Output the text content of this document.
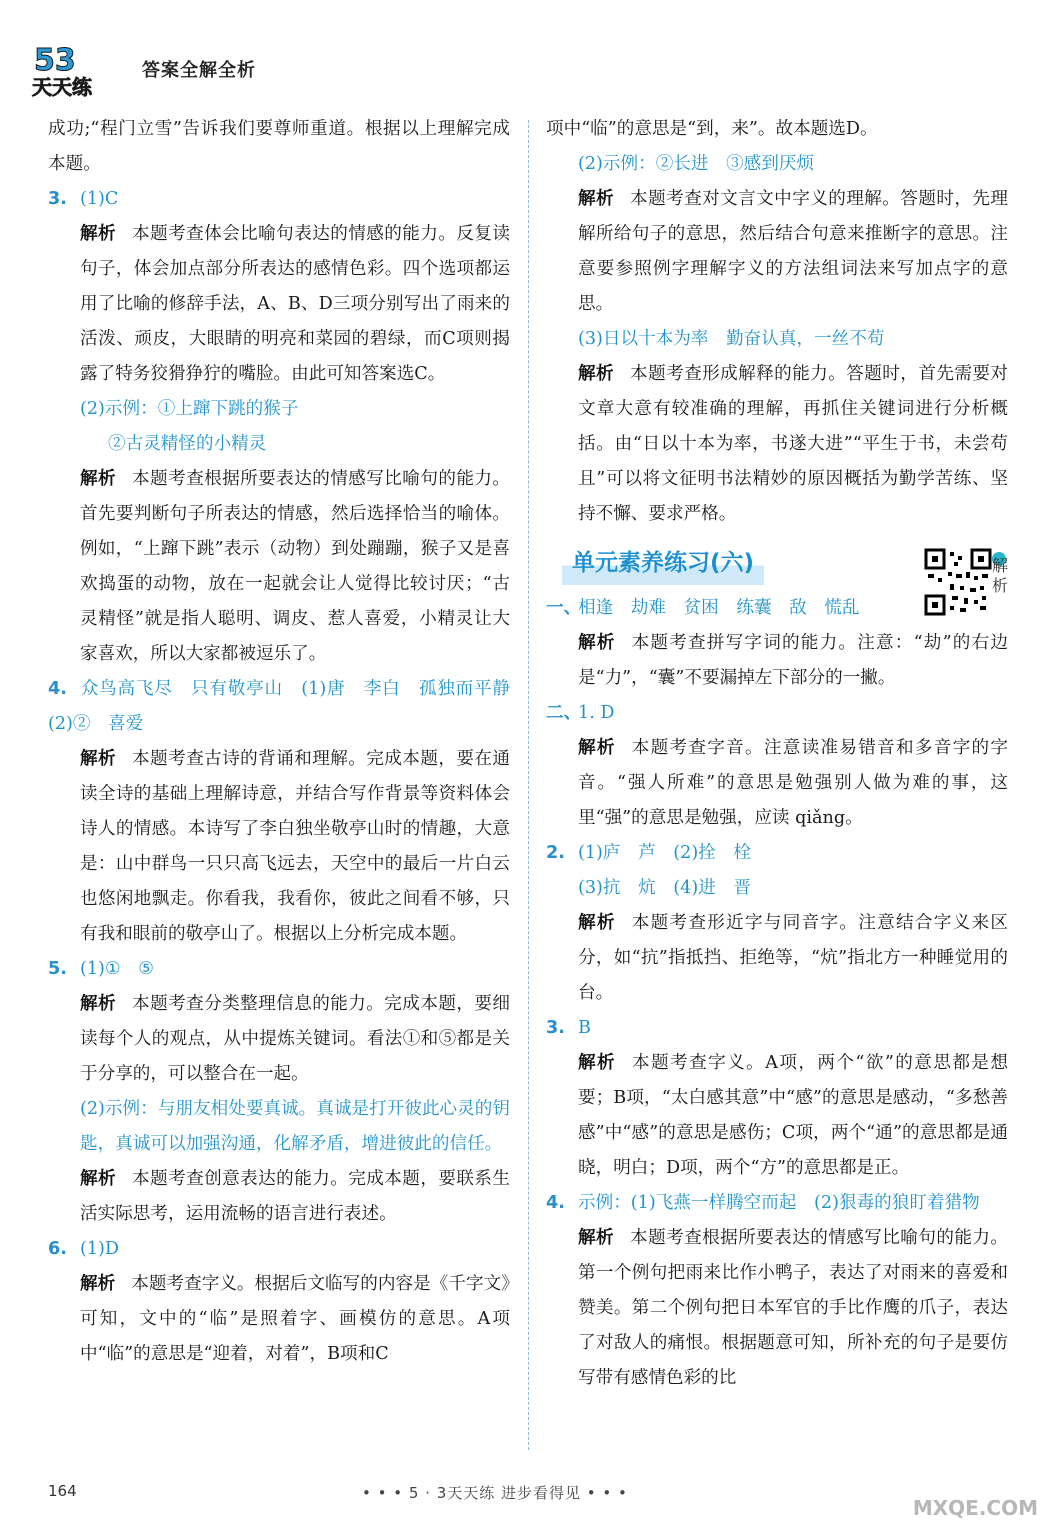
53
天天练
答案全解全析

成功;“程门立雪”告诉我们要尊师重道。根据以上理解完成本题。

3. (1)C

解析 本题考查体会比喻句表达的情感的能力。反复读句子，体会加点部分所表达的感情色彩。四个选项都运用了比喻的修辞手法，A、B、D三项分别写出了雨来的活泼、顽皮，大眼睛的明亮和菜园的碧绿，而C项则揭露了特务狡猾狰狞的嘴脸。由此可知答案选C。

(2)示例：①上蹿下跳的猴子

②古灵精怪的小精灵

解析 本题考查根据所要表达的情感写比喻句的能力。首先要判断句子所表达的情感，然后选择恰当的喻体。例如，“上蹿下跳”表示（动物）到处蹦蹦，猴子又是喜欢捣蛋的动物，放在一起就会让人觉得比较讨厌；“古灵精怪”就是指人聪明、调皮、惹人喜爱，小精灵让大家喜欢，所以大家都被逗乐了。

4. 众鸟高飞尽　只有敬亭山　(1)唐　李白　孤独而平静　(2)②　喜爱

解析 本题考查古诗的背诵和理解。完成本题，要在通读全诗的基础上理解诗意，并结合写作背景等资料体会诗人的情感。本诗写了李白独坐敬亭山时的情趣，大意是：山中群鸟一只只高飞远去，天空中的最后一片白云也悠闲地飘走。你看我，我看你，彼此之间看不够，只有我和眼前的敬亭山了。根据以上分析完成本题。

5. (1)①　⑤

解析 本题考查分类整理信息的能力。完成本题，要细读每个人的观点，从中提炼关键词。看法①和⑤都是关于分享的，可以整合在一起。

(2)示例：与朋友相处要真诚。真诚是打开彼此心灵的钥匙，真诚可以加强沟通，化解矛盾，增进彼此的信任。

解析 本题考查创意表达的能力。完成本题，要联系生活实际思考，运用流畅的语言进行表述。

6. (1)D

解析 本题考查字义。根据后文临写的内容是《千字文》可知，文中的“临”是照着字、画模仿的意思。A项中“临”的意思是“迎着，对着”，B项和C

项中“临”的意思是“到，来”。故本题选D。

(2)示例：②长进　③感到厌烦

解析 本题考查对文言文中字义的理解。答题时，先理解所给句子的意思，然后结合句意来推断字的意思。注意要参照例字理解字义的方法组词法来写加点字的意思。

(3)日以十本为率　勤奋认真，一丝不苟

解析 本题考查形成解释的能力。答题时，首先需要对文章大意有较准确的理解，再抓住关键词进行分析概括。由“日以十本为率，书遂大进”“平生于书，未尝苟且”可以将文征明书法精妙的原因概括为勤学苦练、坚持不懈、要求严格。

单元素养练习(六)

一、相逢　劫难　贫困　练囊　敌　慌乱

解析 本题考查拼写字词的能力。注意：“劫”的右边是“力”，“囊”不要漏掉左下部分的一撇。

二、1. D

解析 本题考查字音。注意读准易错音和多音字的字音。“强人所难”的意思是勉强别人做为难的事，这里“强”的意思是勉强，应读 qiǎng。

2. (1)庐　芦　(2)拴　栓

(3)抗　炕　(4)进　晋

解析 本题考查形近字与同音字。注意结合字义来区分，如“抗”指抵挡、拒绝等，“炕”指北方一种睡觉用的台。

3. B

解析 本题考查字义。A项，两个“欲”的意思都是想要；B项，“太白感其意”中“感”的意思是感动，“多愁善感”中“感”的意思是感伤；C项，两个“通”的意思都是通晓，明白；D项，两个“方”的意思都是正。

4. 示例：(1)飞燕一样腾空而起　(2)狠毒的狼盯着猎物

解析 本题考查根据所要表达的情感写比喻句的能力。第一个例句把雨来比作小鸭子，表达了对雨来的喜爱和赞美。第二个例句把日本军官的手比作鹰的爪子，表达了对敌人的痛恨。根据题意可知，所补充的句子是要仿写带有感情色彩的比

解析
164	• • • 5 · 3天天练 进步看得见 • • •
MXQE.COM
